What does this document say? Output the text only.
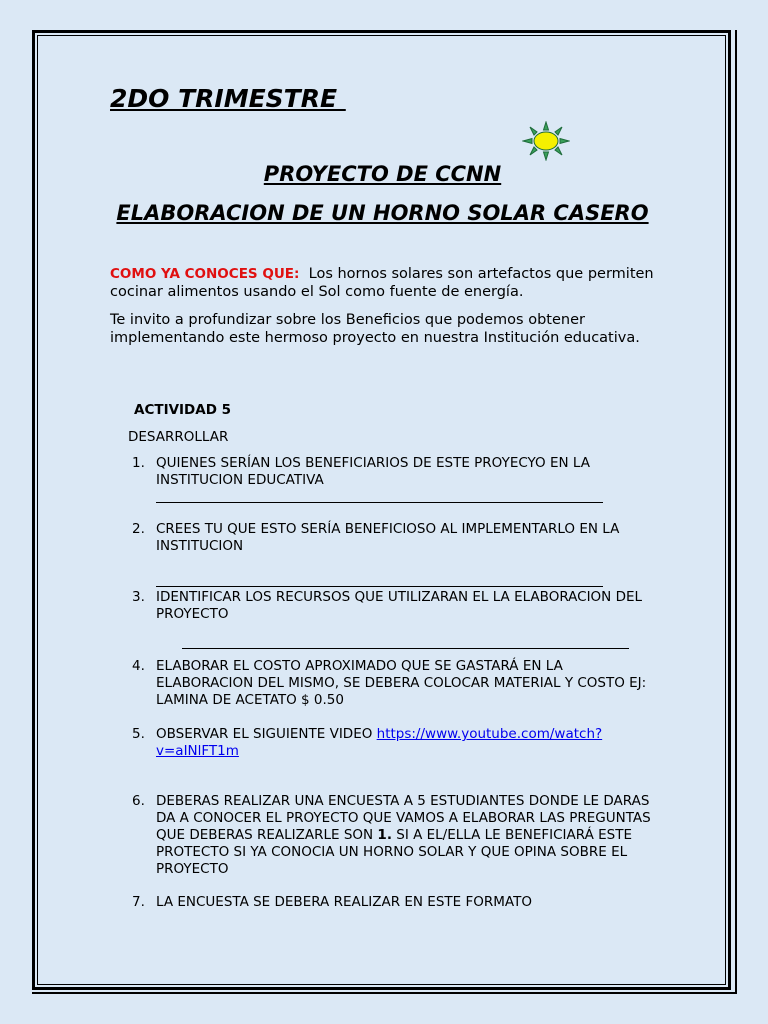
2DO TRIMESTRE
PROYECTO DE CCNN
ELABORACION DE UN HORNO SOLAR CASERO
COMO YA CONOCES QUE: Los hornos solares son artefactos que permiten cocinar alimentos usando el Sol como fuente de energía.
Te invito a profundizar sobre los Beneficios que podemos obtener implementando este hermoso proyecto en nuestra Institución educativa.
ACTIVIDAD 5
DESARROLLAR
1. QUIENES SERÍAN LOS BENEFICIARIOS DE ESTE PROYECYO EN LA INSTITUCION EDUCATIVA
2. CREES TU QUE ESTO SERÍA BENEFICIOSO AL IMPLEMENTARLO EN LA INSTITUCION
3. IDENTIFICAR LOS RECURSOS QUE UTILIZARAN EL LA ELABORACION DEL PROYECTO
4. ELABORAR EL COSTO APROXIMADO QUE SE GASTARÁ EN LA ELABORACION DEL MISMO, SE DEBERA COLOCAR MATERIAL Y COSTO EJ: LAMINA DE ACETATO $ 0.50
5. OBSERVAR EL SIGUIENTE VIDEO https://www.youtube.com/watch?v=aINlFT1m
6. DEBERAS REALIZAR UNA ENCUESTA A 5 ESTUDIANTES DONDE LE DARAS DA A CONOCER EL PROYECTO QUE VAMOS A ELABORAR LAS PREGUNTAS QUE DEBERAS REALIZARLE SON 1. SI A EL/ELLA LE BENEFICIARÁ ESTE PROTECTO SI YA CONOCIA UN HORNO SOLAR Y QUE OPINA SOBRE EL PROYECTO
7. LA ENCUESTA SE DEBERA REALIZAR EN ESTE FORMATO
